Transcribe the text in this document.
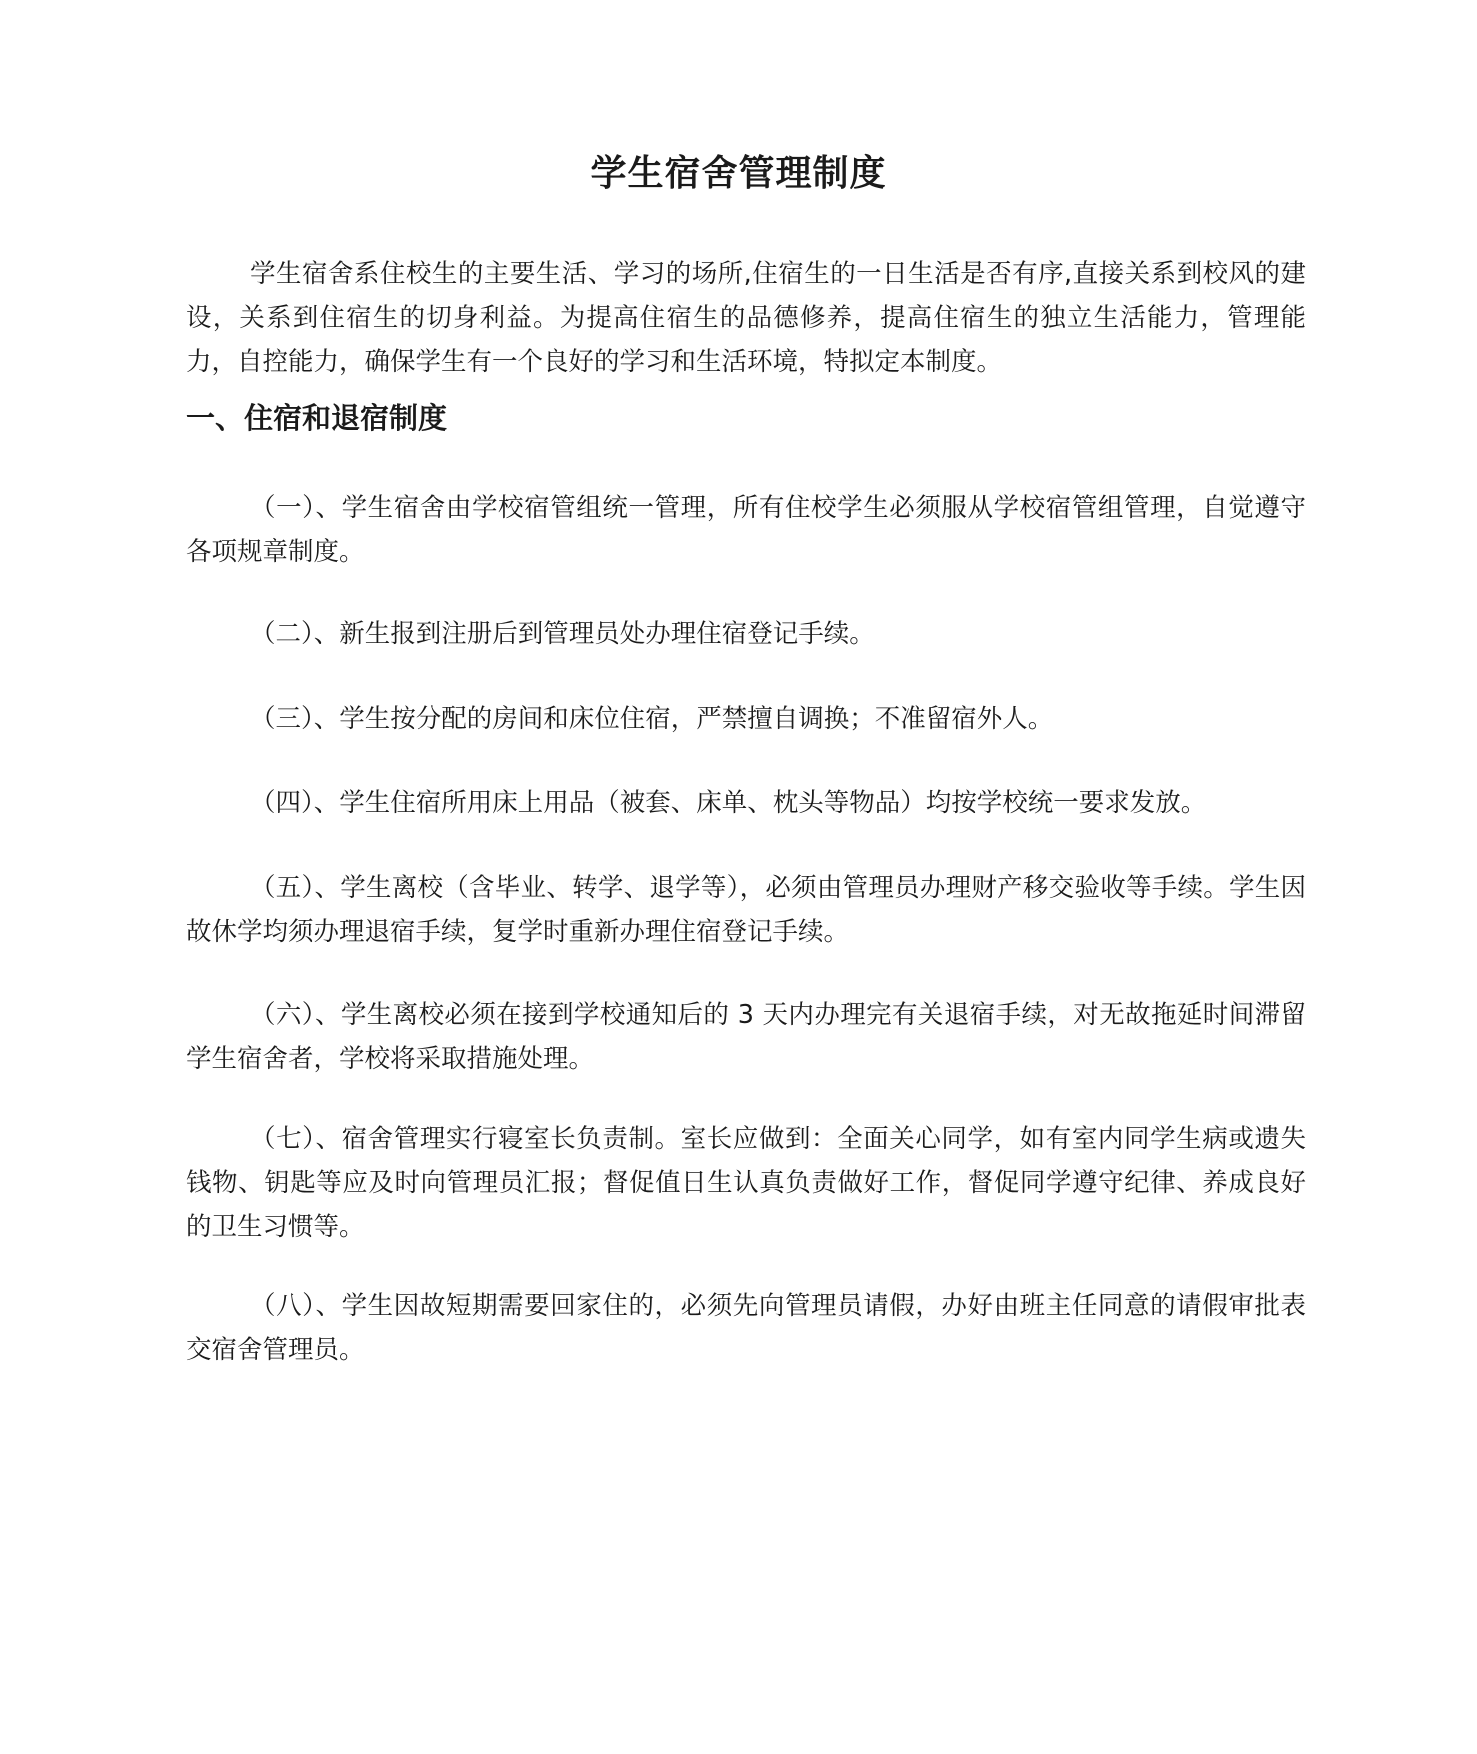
学生宿舍管理制度

学生宿舍系住校生的主要生活、学习的场所,住宿生的一日生活是否有序,直接关系到校风的建设，关系到住宿生的切身利益。为提高住宿生的品德修养，提高住宿生的独立生活能力，管理能力，自控能力，确保学生有一个良好的学习和生活环境，特拟定本制度。

一、住宿和退宿制度

（一）、学生宿舍由学校宿管组统一管理，所有住校学生必须服从学校宿管组管理，自觉遵守各项规章制度。

（二）、新生报到注册后到管理员处办理住宿登记手续。

（三）、学生按分配的房间和床位住宿，严禁擅自调换；不准留宿外人。

（四）、学生住宿所用床上用品（被套、床单、枕头等物品）均按学校统一要求发放。

（五）、学生离校（含毕业、转学、退学等），必须由管理员办理财产移交验收等手续。学生因故休学均须办理退宿手续，复学时重新办理住宿登记手续。

（六）、学生离校必须在接到学校通知后的 3 天内办理完有关退宿手续，对无故拖延时间滞留学生宿舍者，学校将采取措施处理。

（七）、宿舍管理实行寝室长负责制。室长应做到：全面关心同学，如有室内同学生病或遗失钱物、钥匙等应及时向管理员汇报；督促值日生认真负责做好工作，督促同学遵守纪律、养成良好的卫生习惯等。

（八）、学生因故短期需要回家住的，必须先向管理员请假，办好由班主任同意的请假审批表交宿舍管理员。
